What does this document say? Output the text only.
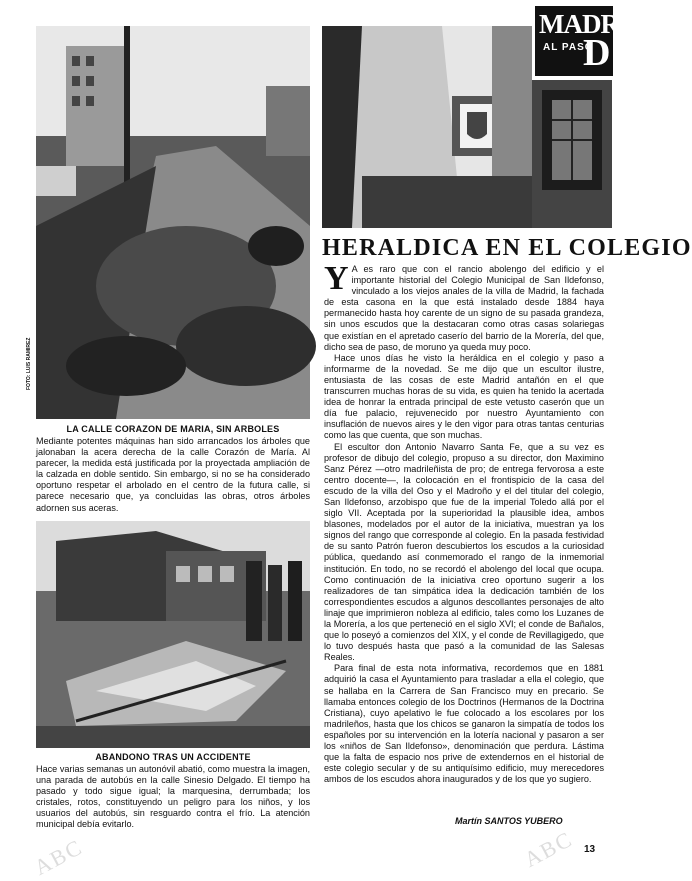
ABC	ABC
FOTO: LUIS RAMIREZ
LA CALLE CORAZON DE MARIA, SIN ARBOLES

Mediante potentes máquinas han sido arrancados los árboles que jalonaban la acera derecha de la calle Corazón de María. Al parecer, la medida está justificada por la proyectada ampliación de la calzada en doble sentido. Sin embargo, si no se ha considerado oportuno respetar el arbolado en el centro de la futura calle, si parece necesario que, ya concluidas las obras, otros árboles adornen sus aceras.

ABANDONO TRAS UN ACCIDENTE

Hace varias semanas un autonóvil abatió, como muestra la imagen, una parada de autobús en la calle Sinesio Delgado. El tiempo ha pasado y todo sigue igual; la marquesina, derrumbada; los cristales, rotos, constituyendo un peligro para los niños, y los usuarios del autobús, sin resguardo contra el frío. La atención municipal debía evitarlo.

MADRID
AL PASO
D
HERALDICA EN EL COLEGIO

Y A es raro que con el rancio abolengo del edificio y el importante historial del Colegio Municipal de San Ildefonso, vinculado a los viejos anales de la villa de Madrid, la fachada de esta casona en la que está instalado desde 1884 haya permanecido hasta hoy carente de un signo de su pasada grandeza, sin unos escudos que la destacaran como otras casas solariegas que existían en el apretado caserío del barrio de la Morería, del que, dicho sea de paso, de moruno ya queda muy poco.

Hace unos días he visto la heráldica en el colegio y paso a informarme de la novedad. Se me dijo que un escultor ilustre, entusiasta de las cosas de este Madrid antañón en el que transcurren muchas horas de su vida, es quien ha tenido la acertada idea de honrar la entrada principal de este vetusto caserón que un día fue palacio, rejuvenecido por nuestro Ayuntamiento con insuflación de nuevos aires y le den vigor para otras tantas centurias como las que cuenta, que son muchas.

El escultor don Antonio Navarro Santa Fe, que a su vez es profesor de dibujo del colegio, propuso a su director, don Maximino Sanz Pérez —otro madrileñista de pro; de entrega fervorosa a este centro docente—, la colocación en el frontispicio de la casa del escudo de la villa del Oso y el Madroño y el del titular del colegio, San Ildefonso, arzobispo que fue de la imperial Toledo allá por el siglo VII. Aceptada por la superioridad la plausible idea, ambos blasones, modelados por el autor de la iniciativa, muestran ya los signos del rango que corresponde al colegio. En la pasada festividad de su santo Patrón fueron descubiertos los escudos a la curiosidad pública, quedando así conmemorado el rango de la inmemorial institución. En todo, no se recordó el abolengo del local que ocupa. Como continuación de la iniciativa creo oportuno sugerir a los realizadores de tan simpática idea la dedicación también de los correspondientes escudos a algunos descollantes personajes de alto linaje que imprimieron nobleza al edificio, tales como los Luzanes de la Morería, a los que perteneció en el siglo XVI; el conde de Bañalos, que lo poseyó a comienzos del XIX, y el conde de Revillagigedo, que lo tuvo después hasta que pasó a la comunidad de las Salesas Reales.

Para final de esta nota informativa, recordemos que en 1881 adquirió la casa el Ayuntamiento para trasladar a ella el colegio, que se hallaba en la Carrera de San Francisco muy en precario. Se llamaba entonces colegio de los Doctrinos (Hermanos de la Doctrina Cristiana), cuyo apelativo le fue colocado a los escolares por los madrileños, hasta que los chicos se ganaron la simpatía de todos los españoles por su intervención en la lotería nacional y pasaron a ser los «niños de San Ildefonso», denominación que perdura. Lástima que la falta de espacio nos prive de extendernos en el historial de este colegio secular y de su antiquísimo edificio, muy merecedores ambos de los escudos ahora inaugurados y de los que yo sugiero.

Martín SANTOS YUBERO
13
